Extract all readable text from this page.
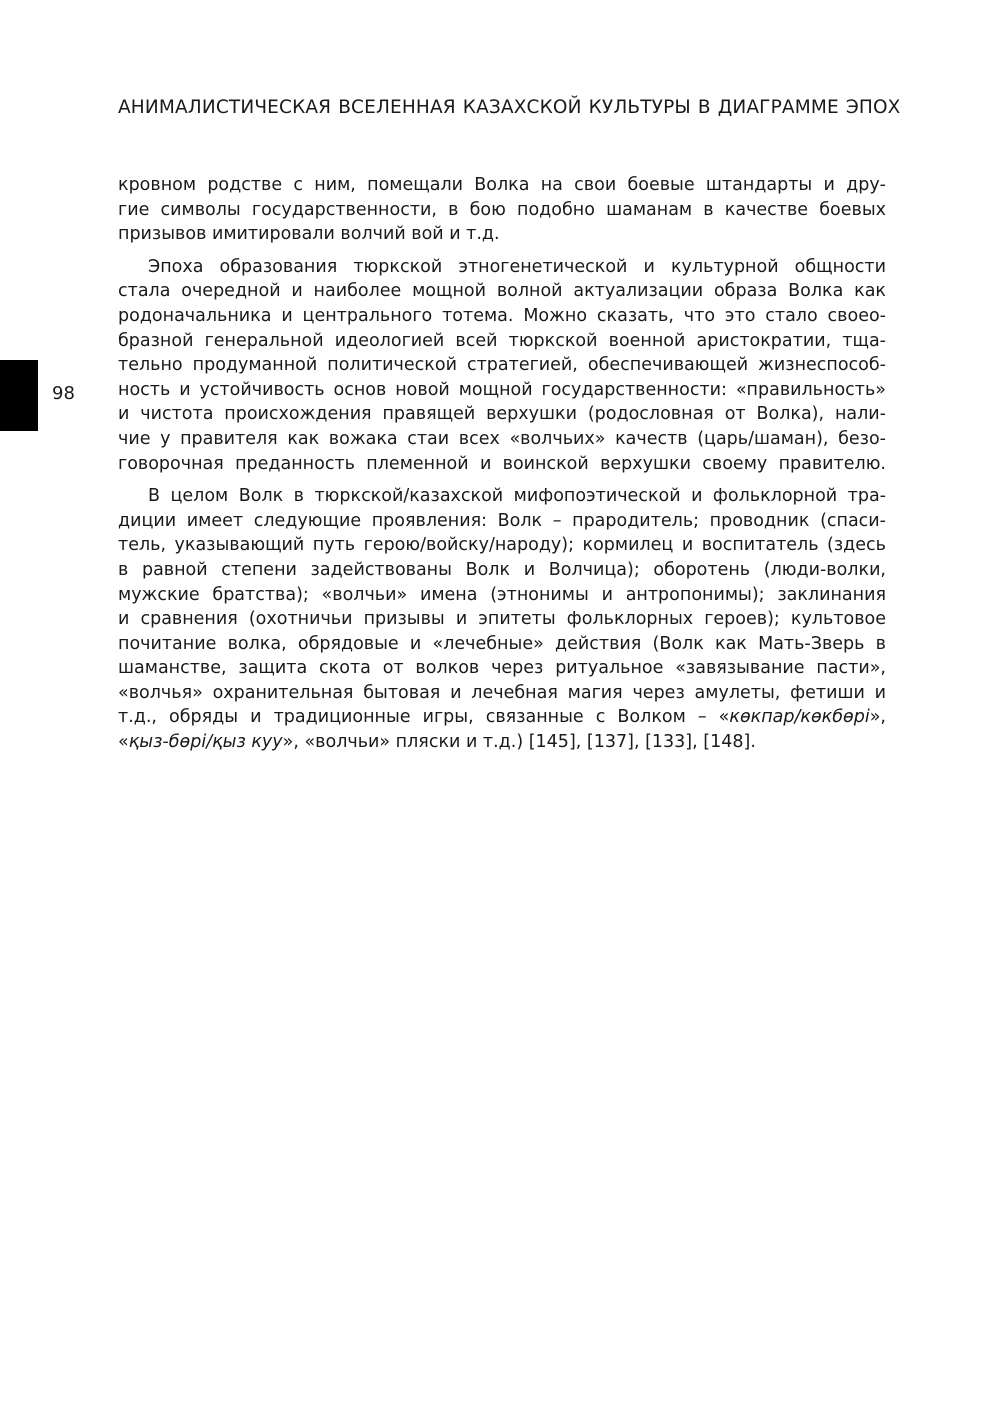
АНИМАЛИСТИЧЕСКАЯ ВСЕЛЕННАЯ КАЗАХСКОЙ КУЛЬТУРЫ В ДИАГРАММЕ ЭПОХ
98
кровном родстве с ним, помещали Волка на свои боевые штандарты и дру-
гие символы государственности, в бою подобно шаманам в качестве боевых
призывов имитировали волчий вой и т.д.
Эпоха образования тюркской этногенетической и культурной общности
стала очередной и наиболее мощной волной актуализации образа Волка как
родоначальника и центрального тотема. Можно сказать, что это стало своео-
бразной генеральной идеологией всей тюркской военной аристократии, тща-
тельно продуманной политической стратегией, обеспечивающей жизнеспособ-
ность и устойчивость основ новой мощной государственности: «правильность»
и чистота происхождения правящей верхушки (родословная от Волка), нали-
чие у правителя как вожака стаи всех «волчьих» качеств (царь/шаман), безо-
говорочная преданность племенной и воинской верхушки своему правителю.
В целом Волк в тюркской/казахской мифопоэтической и фольклорной тра-
диции имеет следующие проявления: Волк – прародитель; проводник (спаси-
тель, указывающий путь герою/войску/народу); кормилец и воспитатель (здесь
в равной степени задействованы Волк и Волчица); оборотень (люди-волки,
мужские братства); «волчьи» имена (этнонимы и антропонимы); заклинания
и сравнения (охотничьи призывы и эпитеты фольклорных героев); культовое
почитание волка, обрядовые и «лечебные» действия (Волк как Мать-Зверь в
шаманстве, защита скота от волков через ритуальное «завязывание пасти»,
«волчья» охранительная бытовая и лечебная магия через амулеты, фетиши и
т.д., обряды и традиционные игры, связанные с Волком – «көкпар/көкбөрі»,
«қыз-бөрі/қыз куу», «волчьи» пляски и т.д.) [145], [137], [133], [148].
